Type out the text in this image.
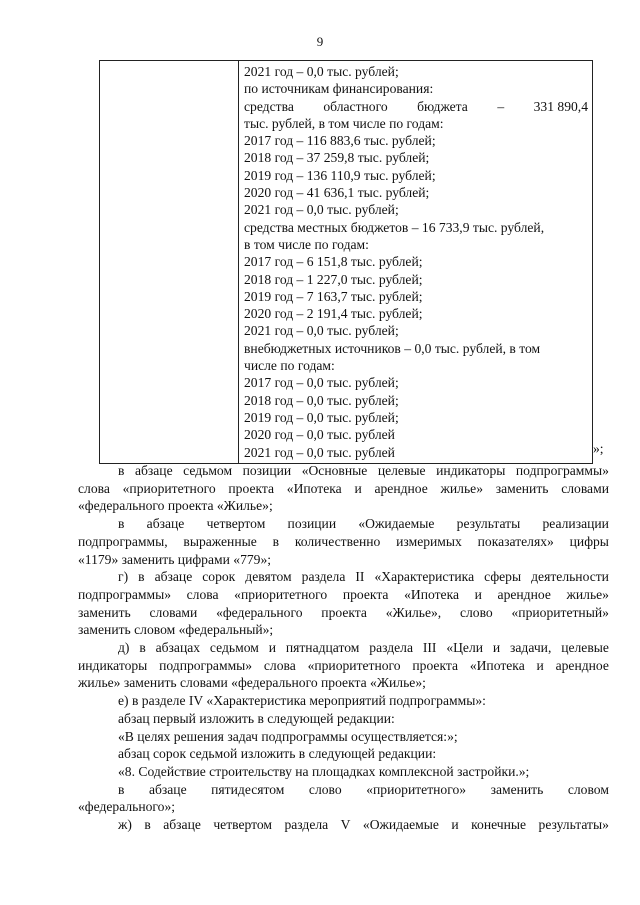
9

2021 год – 0,0 тыс. рублей;
по источникам финансирования:
средства областного бюджета – 331 890,4
тыс. рублей, в том числе по годам:
2017 год – 116 883,6 тыс. рублей;
2018 год – 37 259,8 тыс. рублей;
2019 год – 136 110,9 тыс. рублей;
2020 год – 41 636,1 тыс. рублей;
2021 год – 0,0 тыс. рублей;
средства местных бюджетов – 16 733,9 тыс. рублей,
в том числе по годам:
2017 год – 6 151,8 тыс. рублей;
2018 год – 1 227,0 тыс. рублей;
2019 год – 7 163,7 тыс. рублей;
2020 год – 2 191,4 тыс. рублей;
2021 год – 0,0 тыс. рублей;
внебюджетных источников – 0,0 тыс. рублей, в том
числе по годам:
2017 год – 0,0 тыс. рублей;
2018 год – 0,0 тыс. рублей;
2019 год – 0,0 тыс. рублей;
2020 год – 0,0 тыс. рублей
2021 год – 0,0 тыс. рублей	»;
в абзаце седьмом позиции «Основные целевые индикаторы подпрограммы»
слова «приоритетного проекта «Ипотека и арендное жилье» заменить словами
«федерального проекта «Жилье»;
в абзаце четвертом позиции «Ожидаемые результаты реализации
подпрограммы, выраженные в количественно измеримых показателях» цифры
«1179» заменить цифрами «779»;
г) в абзаце сорок девятом раздела II «Характеристика сферы деятельности
подпрограммы» слова «приоритетного проекта «Ипотека и арендное жилье»
заменить словами «федерального проекта «Жилье», слово «приоритетный»
заменить словом «федеральный»;
д) в абзацах седьмом и пятнадцатом раздела III «Цели и задачи, целевые
индикаторы подпрограммы» слова «приоритетного проекта «Ипотека и арендное
жилье» заменить словами «федерального проекта «Жилье»;
е) в разделе IV «Характеристика мероприятий подпрограммы»:
абзац первый изложить в следующей редакции:
«В целях решения задач подпрограммы осуществляется:»;
абзац сорок седьмой изложить в следующей редакции:
«8. Содействие строительству на площадках комплексной застройки.»;
в абзаце пятидесятом слово «приоритетного» заменить словом
«федерального»;
ж) в абзаце четвертом раздела V «Ожидаемые и конечные результаты»
